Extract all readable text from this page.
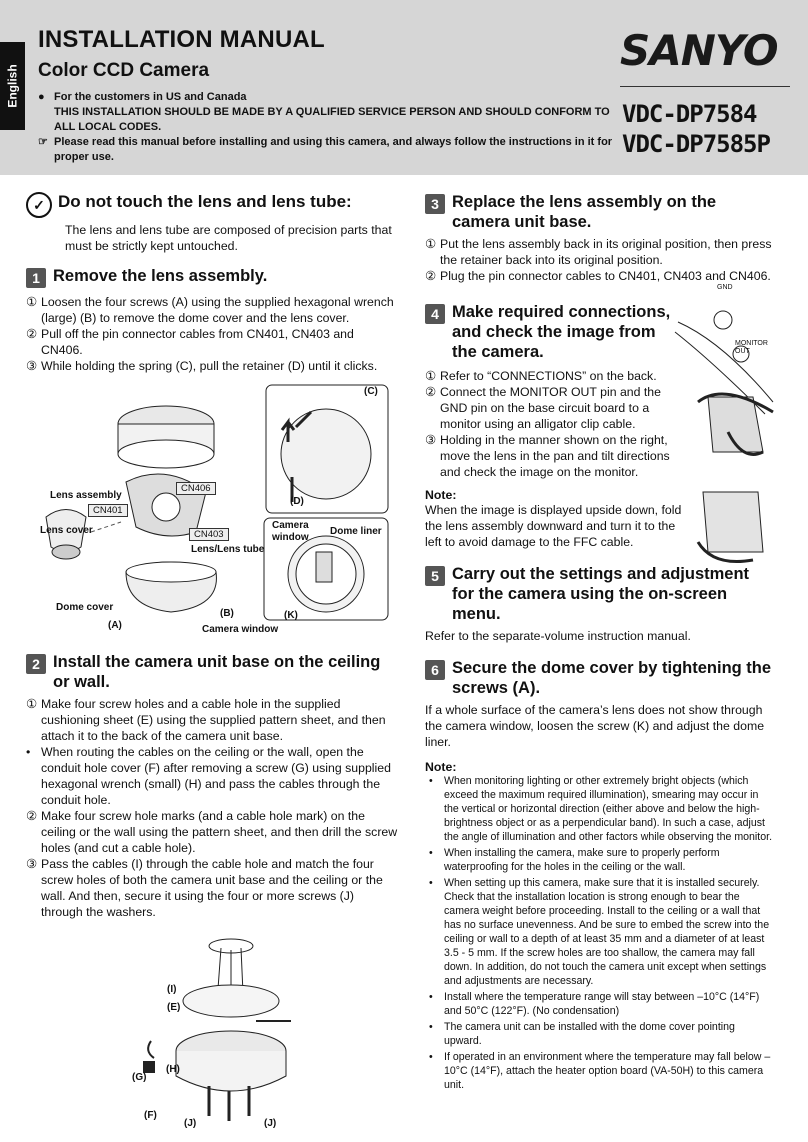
English
INSTALLATION MANUAL
Color CCD Camera
● For the customers in US and Canada
THIS INSTALLATION SHOULD BE MADE BY A QUALIFIED SERVICE PERSON AND SHOULD CONFORM TO ALL LOCAL CODES.
☞ Please read this manual before installing and using this camera, and always follow the instructions in it for proper use.
SANYO
VDC-DP7584
VDC-DP7585P
✓ Do not touch the lens and lens tube:
The lens and lens tube are composed of precision parts that must be strictly kept untouched.
1 Remove the lens assembly.
① Loosen the four screws (A) using the supplied hexagonal wrench (large) (B) to remove the dome cover and the lens cover.
② Pull off the pin connector cables from CN401, CN403 and CN406.
③ While holding the spring (C), pull the retainer (D) until it clicks.
(C)
(D)
CN406
Lens assembly
CN401
CN403
Lens cover
Lens/Lens tube
Camera window
Dome liner
Dome cover
(B)	(K)
(A)	Camera window
2 Install the camera unit base on the ceiling or wall.
① Make four screw holes and a cable hole in the supplied cushioning sheet (E) using the supplied pattern sheet, and then attach it to the back of the camera unit base.
• When routing the cables on the ceiling or the wall, open the conduit hole cover (F) after removing a screw (G) using supplied hexagonal wrench (small) (H) and pass the cables through the conduit hole.
② Make four screw hole marks (and a cable hole mark) on the ceiling or the wall using the pattern sheet, and then drill the screw holes (and cut a cable hole).
③ Pass the cables (I) through the cable hole and match the four screw holes of both the camera unit base and the ceiling or the wall. And then, secure it using the four or more screws (J) through the washers.
(I)
(E)
(H)
(G)
(F)
(J)	(J)
3 Replace the lens assembly on the camera unit base.
① Put the lens assembly back in its original position, then press the retainer back into its original position.
② Plug the pin connector cables to CN401, CN403 and CN406.
4 Make required connections, and check the image from the camera.
GND
MONITOR OUT
① Refer to “CONNECTIONS” on the back.
② Connect the MONITOR OUT pin and the GND pin on the base circuit board to a monitor using an alligator clip cable.
③ Holding in the manner shown on the right, move the lens in the pan and tilt directions and check the image on the monitor.
Note:
When the image is displayed upside down, fold the lens assembly downward and turn it to the left to avoid damage to the FFC cable.
5 Carry out the settings and adjustment for the camera using the on-screen menu.
Refer to the separate-volume instruction manual.
6 Secure the dome cover by tightening the screws (A).
If a whole surface of the camera’s lens does not show through the camera window, loosen the screw (K) and adjust the dome liner.
Note:
•	When monitoring lighting or other extremely bright objects (which exceed the maximum required illumination), smearing may occur in the vertical or horizontal direction (either above and below the high-brightness object or as a perpendicular band). In such a case, adjust the angle of illumination and other factors while observing the monitor.
•	When installing the camera, make sure to properly perform waterproofing for the holes in the ceiling or the wall.
•	When setting up this camera, make sure that it is installed securely. Check that the installation location is strong enough to bear the camera weight before proceeding. Install to the ceiling or a wall that has no surface unevenness. And be sure to embed the screw into the ceiling or wall to a depth of at least 35 mm and a diameter of at least 3.5 - 5 mm. If the screw holes are too shallow, the camera may fall down. In addition, do not touch the camera unit except when settings and adjustments are necessary.
•	Install where the temperature range will stay between –10°C (14°F) and 50°C (122°F). (No condensation)
•	The camera unit can be installed with the dome cover pointing upward.
•	If operated in an environment where the temperature may fall below –10°C (14°F), attach the heater option board (VA-50H) to this camera unit.
